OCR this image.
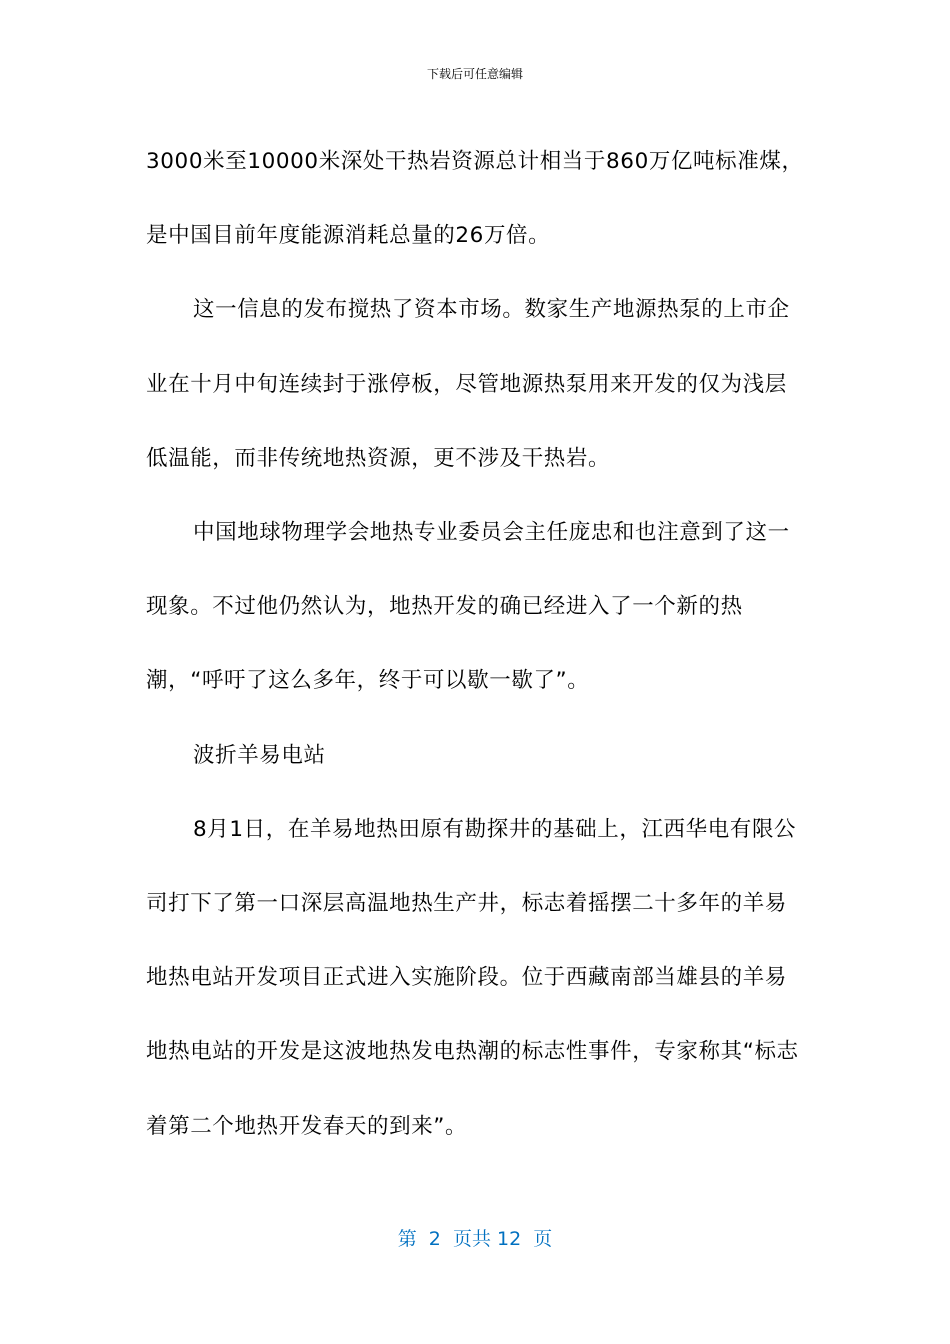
下载后可任意编辑

3000米至10000米深处干热岩资源总计相当于860万亿吨标准煤，是中国目前年度能源消耗总量的26万倍。

这一信息的发布搅热了资本市场。数家生产地源热泵的上市企业在十月中旬连续封于涨停板，尽管地源热泵用来开发的仅为浅层低温能，而非传统地热资源，更不涉及干热岩。

中国地球物理学会地热专业委员会主任庞忠和也注意到了这一现象。不过他仍然认为，地热开发的确已经进入了一个新的热潮，“呼吁了这么多年，终于可以歇一歇了”。

波折羊易电站

8月1日，在羊易地热田原有勘探井的基础上，江西华电有限公司打下了第一口深层高温地热生产井，标志着摇摆二十多年的羊易地热电站开发项目正式进入实施阶段。位于西藏南部当雄县的羊易地热电站的开发是这波地热发电热潮的标志性事件，专家称其“标志着第二个地热开发春天的到来”。

第  2  页共 12  页
